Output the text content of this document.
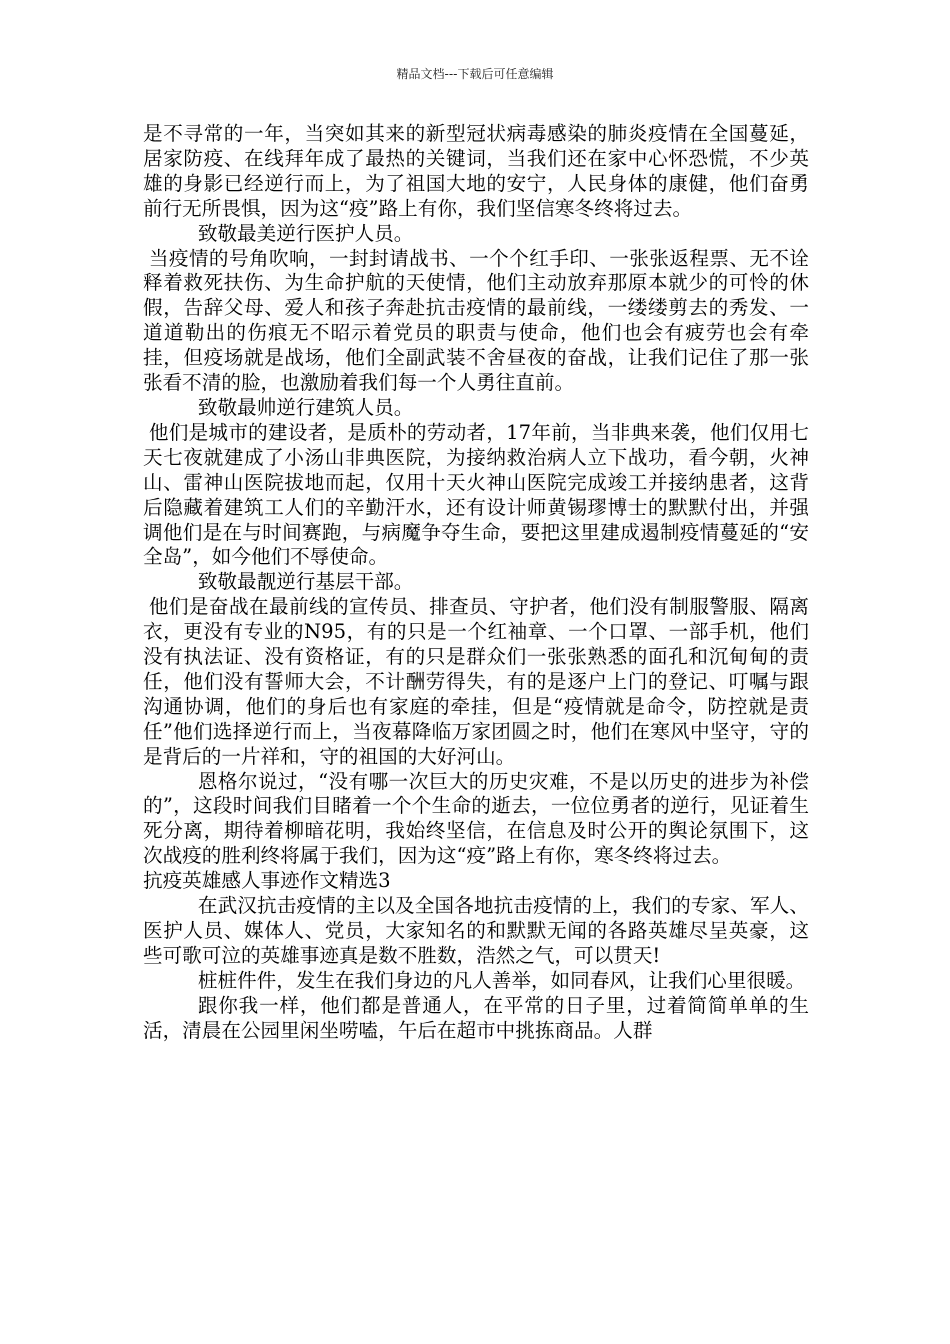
精品文档---下载后可任意编辑

是不寻常的一年，当突如其来的新型冠状病毒感染的肺炎疫情在全国蔓延，居家防疫、在线拜年成了最热的关键词，当我们还在家中心怀恐慌，不少英雄的身影已经逆行而上，为了祖国大地的安宁，人民身体的康健，他们奋勇前行无所畏惧，因为这“疫”路上有你，我们坚信寒冬终将过去。

致敬最美逆行医护人员。

当疫情的号角吹响，一封封请战书、一个个红手印、一张张返程票、无不诠释着救死扶伤、为生命护航的天使情，他们主动放弃那原本就少的可怜的休假，告辞父母、爱人和孩子奔赴抗击疫情的最前线，一缕缕剪去的秀发、一道道勒出的伤痕无不昭示着党员的职责与使命，他们也会有疲劳也会有牵挂，但疫场就是战场，他们全副武装不舍昼夜的奋战，让我们记住了那一张张看不清的脸，也激励着我们每一个人勇往直前。

致敬最帅逆行建筑人员。

他们是城市的建设者，是质朴的劳动者，17年前，当非典来袭，他们仅用七天七夜就建成了小汤山非典医院，为接纳救治病人立下战功，看今朝，火神山、雷神山医院拔地而起，仅用十天火神山医院完成竣工并接纳患者，这背后隐藏着建筑工人们的辛勤汗水，还有设计师黄锡璆博士的默默付出，并强调他们是在与时间赛跑，与病魔争夺生命，要把这里建成遏制疫情蔓延的“安全岛”，如今他们不辱使命。

致敬最靓逆行基层干部。

他们是奋战在最前线的宣传员、排查员、守护者，他们没有制服警服、隔离衣，更没有专业的N95，有的只是一个红袖章、一个口罩、一部手机，他们没有执法证、没有资格证，有的只是群众们一张张熟悉的面孔和沉甸甸的责任，他们没有誓师大会，不计酬劳得失，有的是逐户上门的登记、叮嘱与跟沟通协调，他们的身后也有家庭的牵挂，但是“疫情就是命令，防控就是责任”他们选择逆行而上，当夜幕降临万家团圆之时，他们在寒风中坚守，守的是背后的一片祥和，守的祖国的大好河山。

恩格尔说过，“没有哪一次巨大的历史灾难，不是以历史的进步为补偿的”，这段时间我们目睹着一个个生命的逝去，一位位勇者的逆行，见证着生死分离，期待着柳暗花明，我始终坚信，在信息及时公开的舆论氛围下，这次战疫的胜利终将属于我们，因为这“疫”路上有你，寒冬终将过去。

抗疫英雄感人事迹作文精选3

在武汉抗击疫情的主以及全国各地抗击疫情的上，我们的专家、军人、医护人员、媒体人、党员，大家知名的和默默无闻的各路英雄尽呈英豪，这些可歌可泣的英雄事迹真是数不胜数，浩然之气，可以贯天!

桩桩件件，发生在我们身边的凡人善举，如同春风，让我们心里很暖。

跟你我一样，他们都是普通人，在平常的日子里，过着简简单单的生活，清晨在公园里闲坐唠嗑，午后在超市中挑拣商品。人群
